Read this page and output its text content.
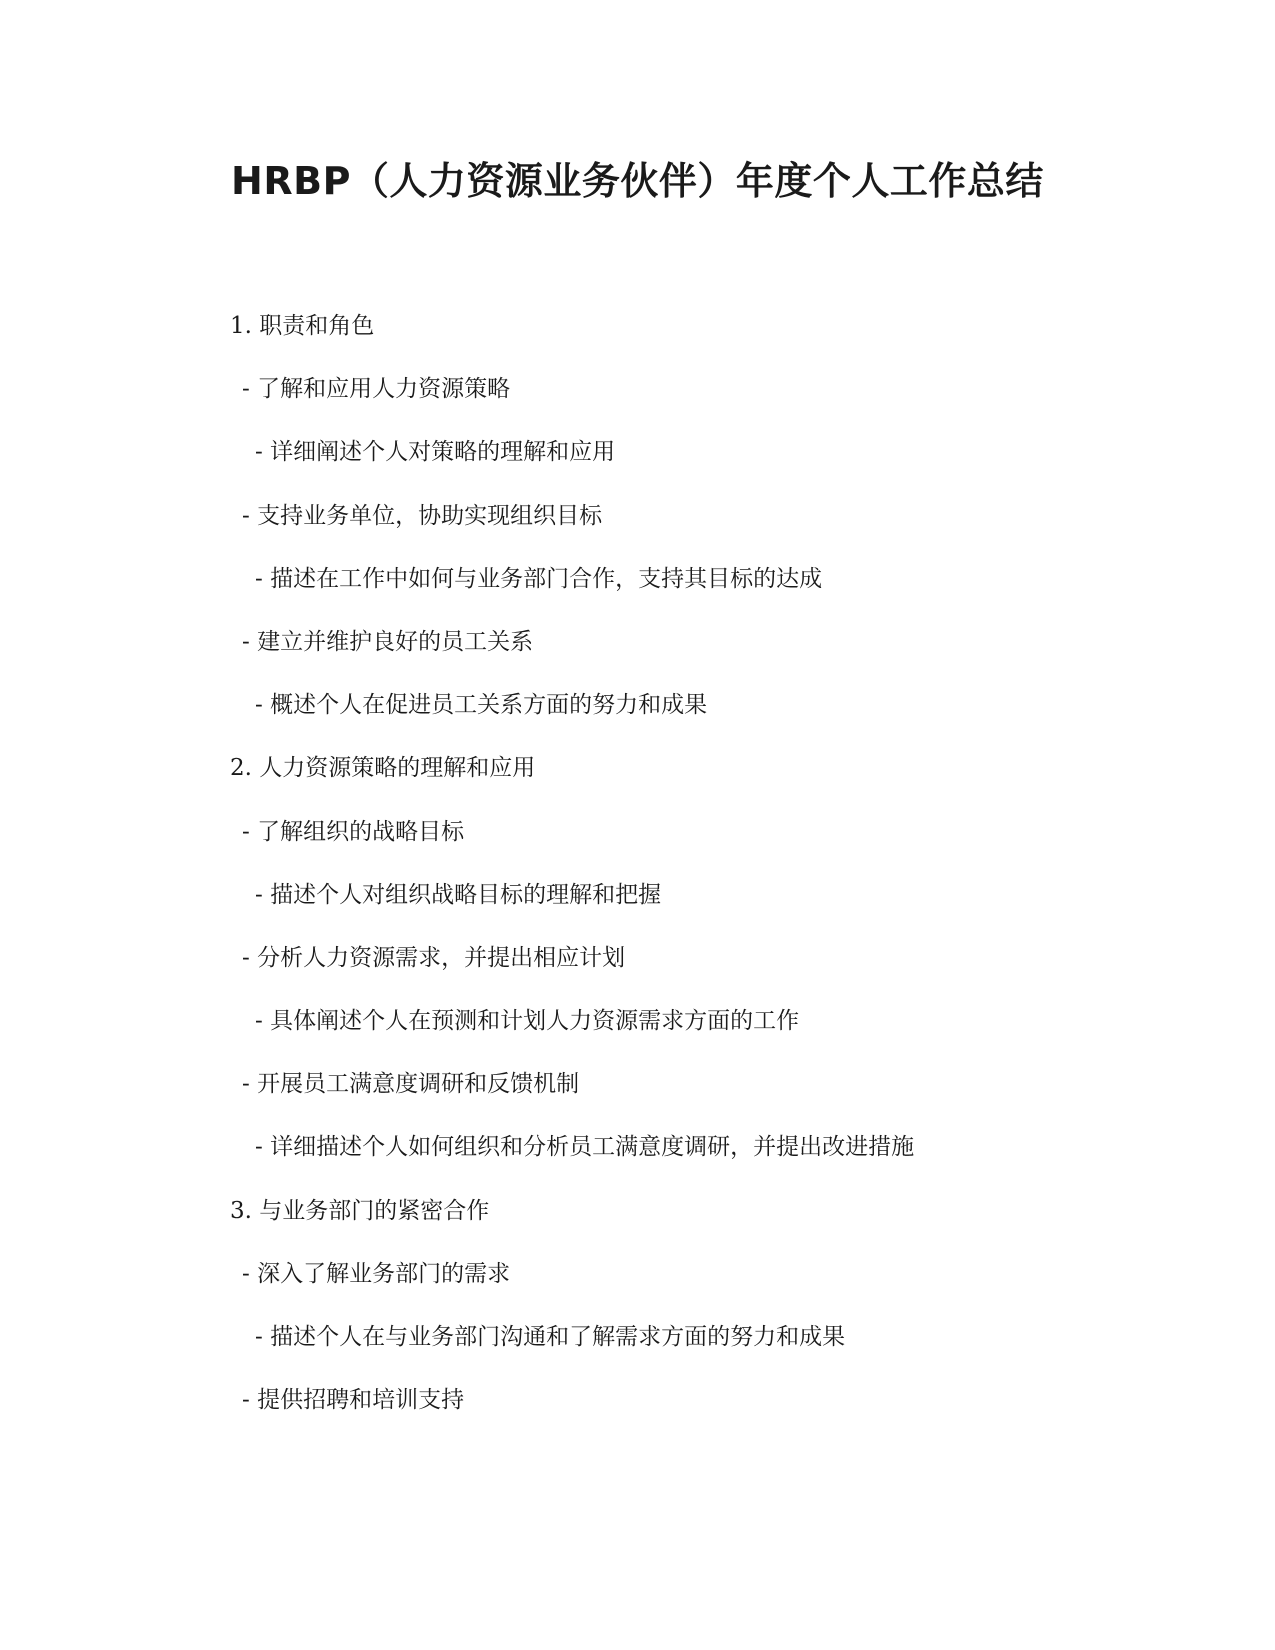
HRBP（人力资源业务伙伴）年度个人工作总结

1. 职责和角色

- 了解和应用人力资源策略

- 详细阐述个人对策略的理解和应用

- 支持业务单位，协助实现组织目标

- 描述在工作中如何与业务部门合作，支持其目标的达成

- 建立并维护良好的员工关系

- 概述个人在促进员工关系方面的努力和成果

2. 人力资源策略的理解和应用

- 了解组织的战略目标

- 描述个人对组织战略目标的理解和把握

- 分析人力资源需求，并提出相应计划

- 具体阐述个人在预测和计划人力资源需求方面的工作

- 开展员工满意度调研和反馈机制

- 详细描述个人如何组织和分析员工满意度调研，并提出改进措施

3. 与业务部门的紧密合作

- 深入了解业务部门的需求

- 描述个人在与业务部门沟通和了解需求方面的努力和成果

- 提供招聘和培训支持
